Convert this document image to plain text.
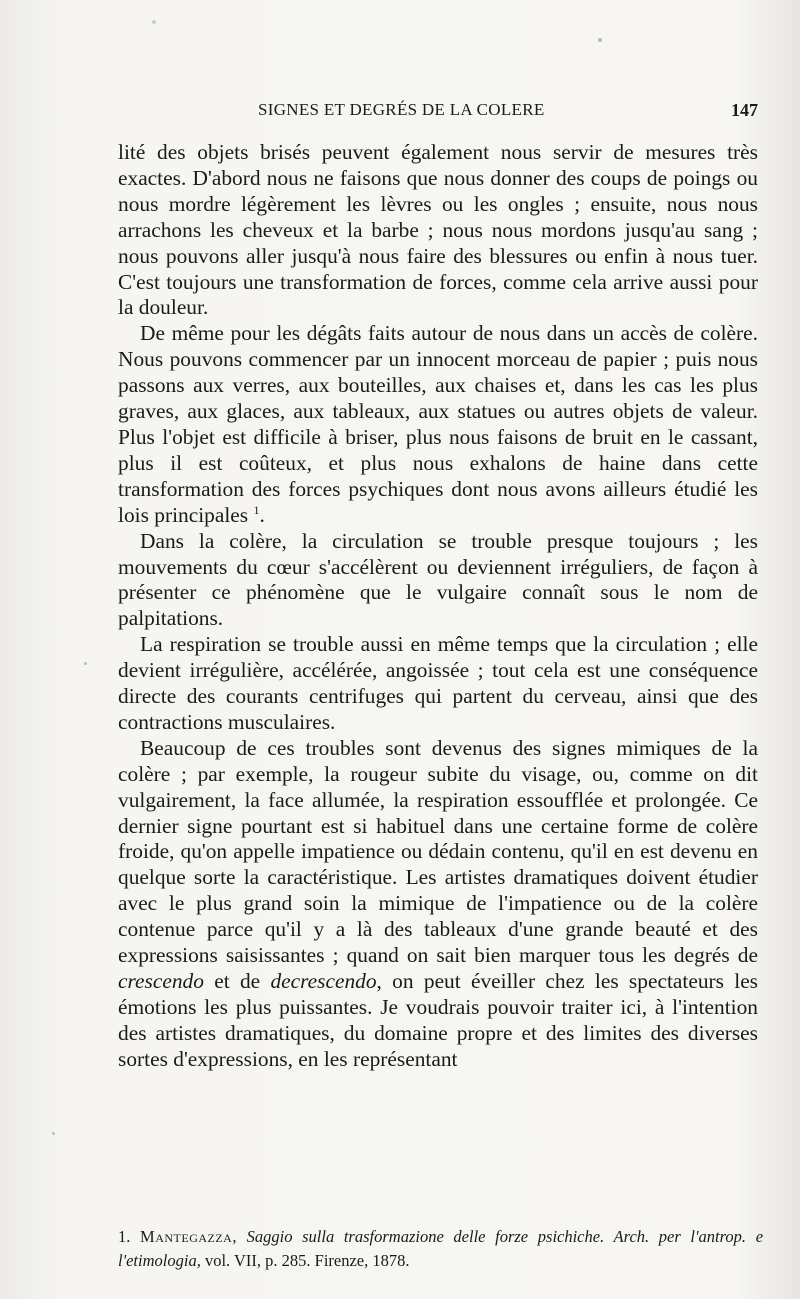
SIGNES ET DEGRÉS DE LA COLERE	147

lité des objets brisés peuvent également nous servir de mesures très exactes. D'abord nous ne faisons que nous donner des coups de poings ou nous mordre légèrement les lèvres ou les ongles ; ensuite, nous nous arrachons les cheveux et la barbe ; nous nous mordons jusqu'au sang ; nous pouvons aller jusqu'à nous faire des blessures ou enfin à nous tuer. C'est toujours une transformation de forces, comme cela arrive aussi pour la douleur.

De même pour les dégâts faits autour de nous dans un accès de colère. Nous pouvons commencer par un innocent morceau de papier ; puis nous passons aux verres, aux bouteilles, aux chaises et, dans les cas les plus graves, aux glaces, aux tableaux, aux statues ou autres objets de valeur. Plus l'objet est difficile à briser, plus nous faisons de bruit en le cassant, plus il est coûteux, et plus nous exhalons de haine dans cette transformation des forces psychiques dont nous avons ailleurs étudié les lois principales $^1$.

Dans la colère, la circulation se trouble presque toujours ; les mouvements du cœur s'accélèrent ou deviennent irréguliers, de façon à présenter ce phénomène que le vulgaire connaît sous le nom de palpitations.

La respiration se trouble aussi en même temps que la circulation ; elle devient irrégulière, accélérée, angoissée ; tout cela est une conséquence directe des courants centrifuges qui partent du cerveau, ainsi que des contractions musculaires.

Beaucoup de ces troubles sont devenus des signes mimiques de la colère ; par exemple, la rougeur subite du visage, ou, comme on dit vulgairement, la face allumée, la respiration essoufflée et prolongée. Ce dernier signe pourtant est si habituel dans une certaine forme de colère froide, qu'on appelle impatience ou dédain contenu, qu'il en est devenu en quelque sorte la caractéristique. Les artistes dramatiques doivent étudier avec le plus grand soin la mimique de l'impatience ou de la colère contenue parce qu'il y a là des tableaux d'une grande beauté et des expressions saisissantes ; quand on sait bien marquer tous les degrés de crescendo et de decrescendo, on peut éveiller chez les spectateurs les émotions les plus puissantes. Je voudrais pouvoir traiter ici, à l'intention des artistes dramatiques, du domaine propre et des limites des diverses sortes d'expressions, en les représentant

1. Mantegazza, Saggio sulla trasformazione delle forze psichiche. Arch. per l'antrop. e l'etimologia, vol. VII, p. 285. Firenze, 1878.
